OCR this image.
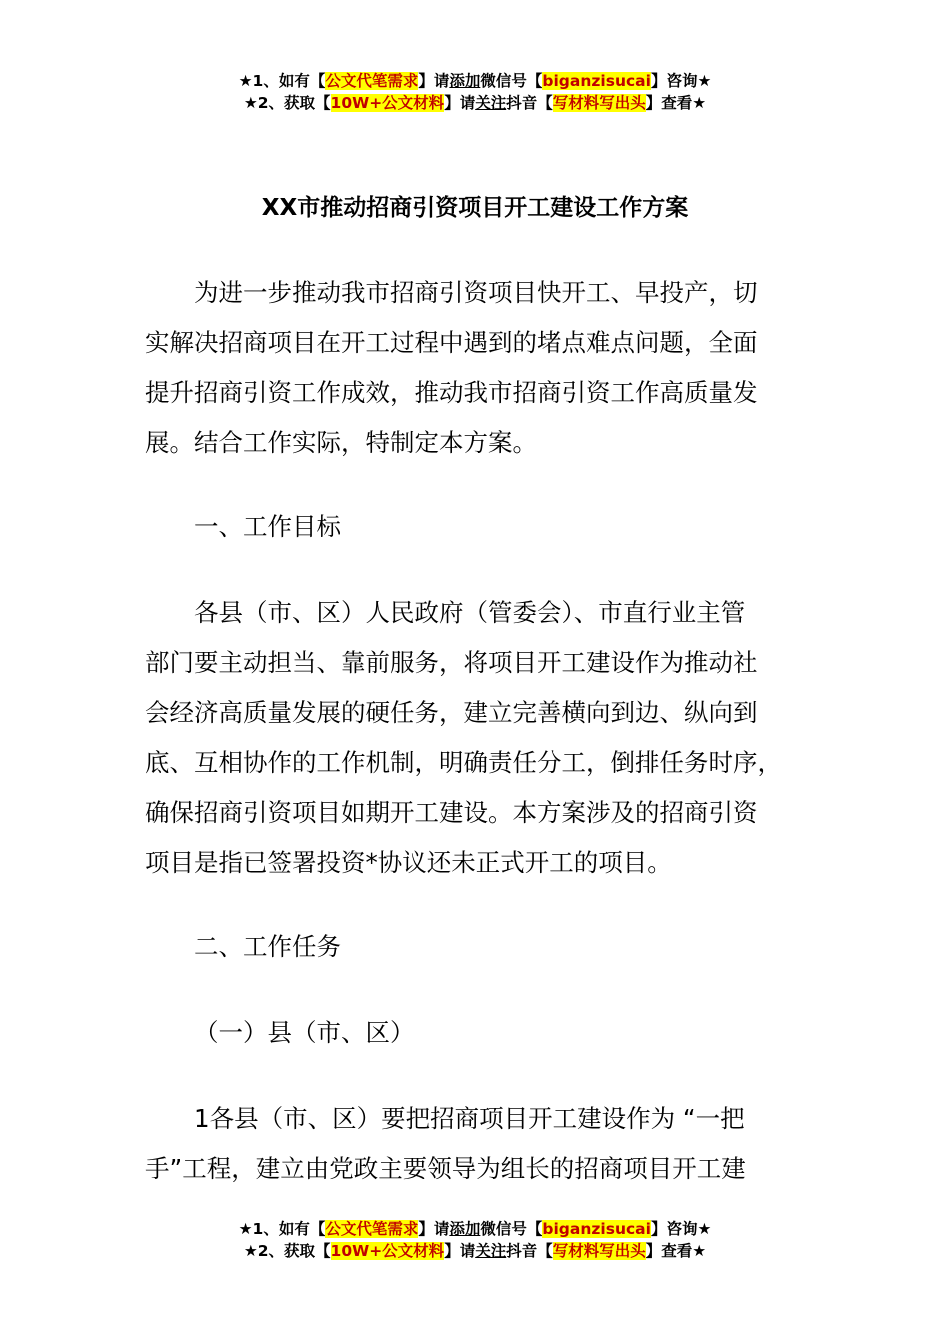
★1、如有【公文代笔需求】请添加微信号【biganzisucai】咨询★
★2、获取【10W+公文材料】请关注抖音【写材料写出头】查看★
XX市推动招商引资项目开工建设工作方案
为进一步推动我市招商引资项目快开工、早投产，切
实解决招商项目在开工过程中遇到的堵点难点问题，全面
提升招商引资工作成效，推动我市招商引资工作高质量发
展。结合工作实际，特制定本方案。
一、工作目标
各县（市、区）人民政府（管委会）、市直行业主管
部门要主动担当、靠前服务，将项目开工建设作为推动社
会经济高质量发展的硬任务，建立完善横向到边、纵向到
底、互相协作的工作机制，明确责任分工，倒排任务时序，
确保招商引资项目如期开工建设。本方案涉及的招商引资
项目是指已签署投资*协议还未正式开工的项目。
二、工作任务
（一）县（市、区）
1各县（市、区）要把招商项目开工建设作为 “一把
手”工程，建立由党政主要领导为组长的招商项目开工建
★1、如有【公文代笔需求】请添加微信号【biganzisucai】咨询★
★2、获取【10W+公文材料】请关注抖音【写材料写出头】查看★
